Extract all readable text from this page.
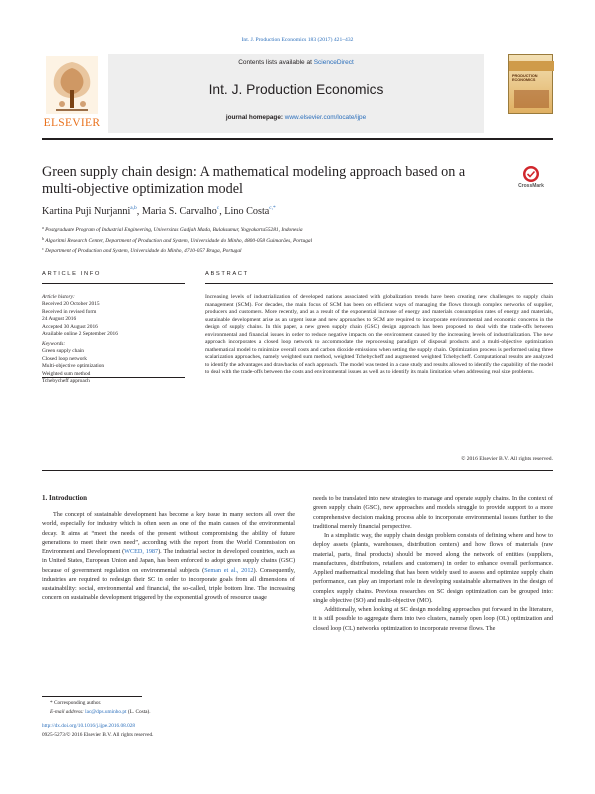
Int. J. Production Economics 183 (2017) 421–432
ELSEVIER
Contents lists available at ScienceDirect
Int. J. Production Economics
journal homepage: www.elsevier.com/locate/ijpe
PRODUCTION ECONOMICS
Green supply chain design: A mathematical modeling approach based on a multi-objective optimization model	CrossMark
Kartina Puji Nurjanni$^{a,b}$, Maria S. Carvalho$^c$, Lino Costa$^{c,*}$
$^a$ Postgraduate Program of Industrial Engineering, Universitas Gadjah Mada, Bulaksumur, Yogyakarta55281, Indonesia
$^b$ Algoritmi Research Center, Department of Production and System, Universidade do Minho, 4800-058 Guimarães, Portugal
$^c$ Department of Production and System, Universidade do Minho, 4710-057 Braga, Portugal
ARTICLE INFO	ABSTRACT
Article history:
Received 20 October 2015
Received in revised form
24 August 2016
Accepted 30 August 2016
Available online 2 September 2016
Keywords:
Green supply chain
Closed loop network
Multi-objective optimization
Weighted sum method
Tchebycheff approach
Increasing levels of industrialization of developed nations associated with globalization trends have been creating new challenges to supply chain management (SCM). For decades, the main focus of SCM has been on efficient ways of managing the flows through complex networks of supplier, producers and customers. More recently, and as a result of the exponential increase of energy and materials consumption rates of energy and materials, sustainable development arise as an urgent issue and new approaches to SCM are required to incorporate environmental and economic concerns in the design of supply chains. In this paper, a new green supply chain (GSC) design approach has been proposed to deal with the trade-offs between environmental and financial issues in order to reduce negative impacts on the environment caused by the increasing levels of industrialization. The new approach incorporates a closed loop network to accommodate the reprocessing paradigm of disposal products and a multi-objective optimization mathematical model to minimize overall costs and carbon dioxide emissions when setting the supply chain. Optimization process is performed using three scalarization approaches, namely weighted sum method, weighted Tchebycheff and augmented weighted Tchebycheff. Computational results are analyzed to identify the advantages and drawbacks of each approach. The model was tested in a case study and results allowed to identify the capability of the model to deal with the trade-offs between the costs and environmental issues as well as to identify its main limitation when addressing real size problems.
© 2016 Elsevier B.V. All rights reserved.
1. Introduction
The concept of sustainable development has become a key issue in many sectors all over the world, especially for industry which is often seen as one of the main causes of the environmental decay. It aims at “meet the needs of the present without compromising the ability of future generations to meet their own need”, according with the report from the World Commission on Environment and Development (WCED, 1987). The industrial sector in developed countries, such as in United States, European Union and Japan, has been enforced to adopt green supply chains (GSC) because of government regulation on environmental subjects (Seman et al., 2012). Consequently, industries are required to redesign their SC in order to incorporate goals from all dimensions of sustainability: social, environmental and financial, the so-called, triple bottom line. The increasing concern on sustainable development triggered by the exponential growth of resource usage

needs to be translated into new strategies to manage and operate supply chains. In the context of green supply chain (GSC), new approaches and models struggle to provide support to a more comprehensive decision making process able to incorporate environmental issues further to the traditional merely financial perspective.

In a simplistic way, the supply chain design problem consists of defining where and how to deploy assets (plants, warehouses, distribution centers) and how flows of materials (raw material, parts, final products) should be moved along the network of entities (suppliers, manufactures, distributors, retailers and customers) in order to enhance overall performance. Applied mathematical modeling that has been widely used to assess and optimize supply chain performance, can play an important role in developing sustainable alternatives in the design of complex supply chains. Previous researches on SC design optimization can be grouped into: single objective (SO) and multi-objective (MO).

Additionally, when looking at SC design modeling approaches put forward in the literature, it is still possible to aggregate them into two clusters, namely open loop (OL) optimization and closed loop (CL) networks optimization to incorporate reverse flows. The

* Corresponding author.
E-mail address: lac@dps.uminho.pt (L. Costa).
http://dx.doi.org/10.1016/j.ijpe.2016.08.028
0925-5273/© 2016 Elsevier B.V. All rights reserved.
